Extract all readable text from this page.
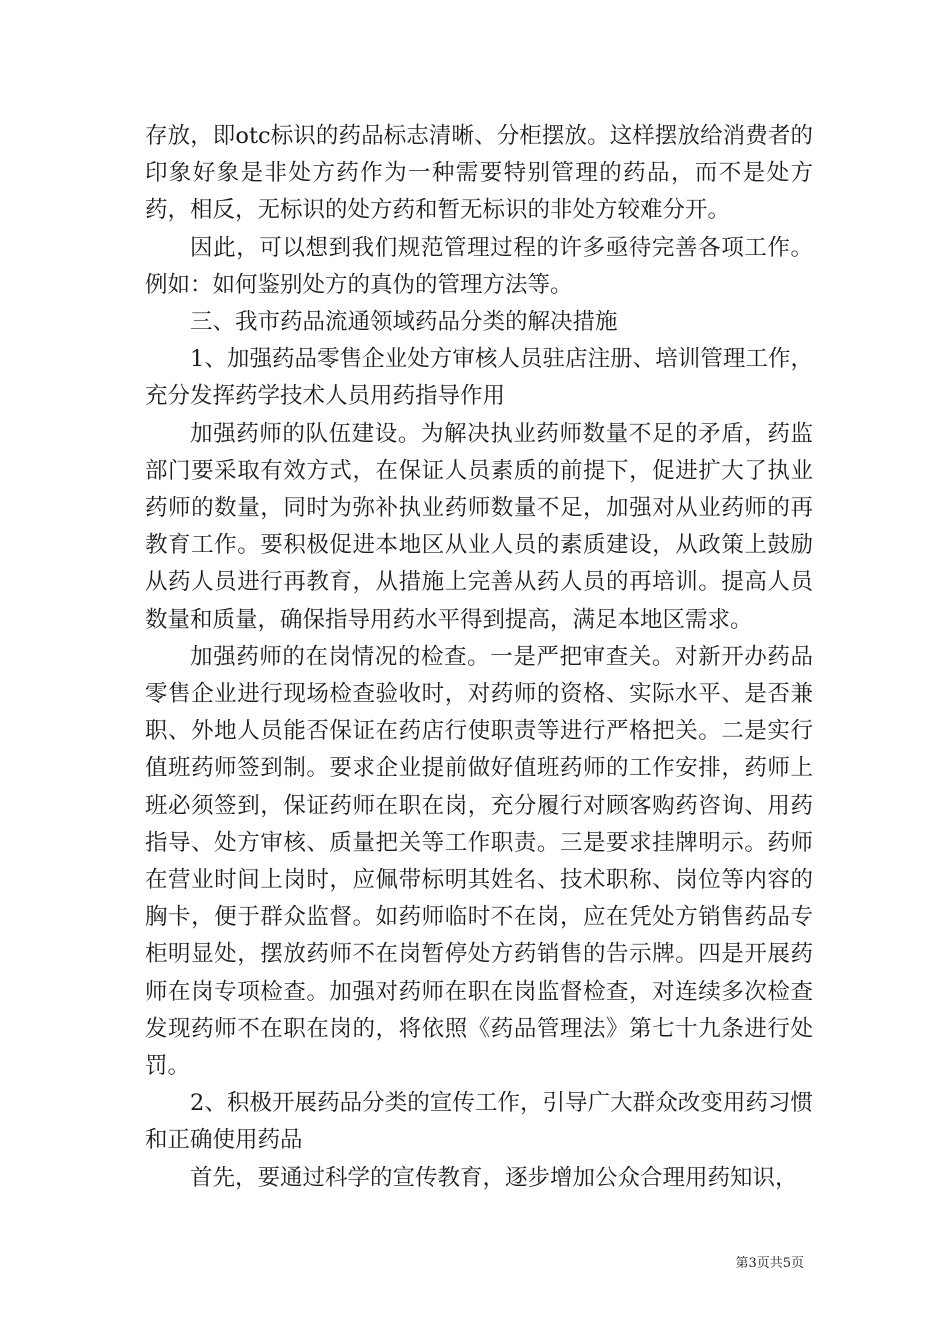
存放，即otc标识的药品标志清晰、分柜摆放。这样摆放给消费者的印象好象是非处方药作为一种需要特别管理的药品，而不是处方药，相反，无标识的处方药和暂无标识的非处方较难分开。

因此，可以想到我们规范管理过程的许多亟待完善各项工作。例如：如何鉴别处方的真伪的管理方法等。

三、我市药品流通领域药品分类的解决措施

1、加强药品零售企业处方审核人员驻店注册、培训管理工作，充分发挥药学技术人员用药指导作用

加强药师的队伍建设。为解决执业药师数量不足的矛盾，药监部门要采取有效方式，在保证人员素质的前提下，促进扩大了执业药师的数量，同时为弥补执业药师数量不足，加强对从业药师的再教育工作。要积极促进本地区从业人员的素质建设，从政策上鼓励从药人员进行再教育，从措施上完善从药人员的再培训。提高人员数量和质量，确保指导用药水平得到提高，满足本地区需求。

加强药师的在岗情况的检查。一是严把审查关。对新开办药品零售企业进行现场检查验收时，对药师的资格、实际水平、是否兼职、外地人员能否保证在药店行使职责等进行严格把关。二是实行值班药师签到制。要求企业提前做好值班药师的工作安排，药师上班必须签到，保证药师在职在岗，充分履行对顾客购药咨询、用药指导、处方审核、质量把关等工作职责。三是要求挂牌明示。药师在营业时间上岗时，应佩带标明其姓名、技术职称、岗位等内容的胸卡，便于群众监督。如药师临时不在岗，应在凭处方销售药品专柜明显处，摆放药师不在岗暂停处方药销售的告示牌。四是开展药师在岗专项检查。加强对药师在职在岗监督检查，对连续多次检查发现药师不在职在岗的，将依照《药品管理法》第七十九条进行处罚。

2、积极开展药品分类的宣传工作，引导广大群众改变用药习惯和正确使用药品

首先，要通过科学的宣传教育，逐步增加公众合理用药知识，

第3页共5页
